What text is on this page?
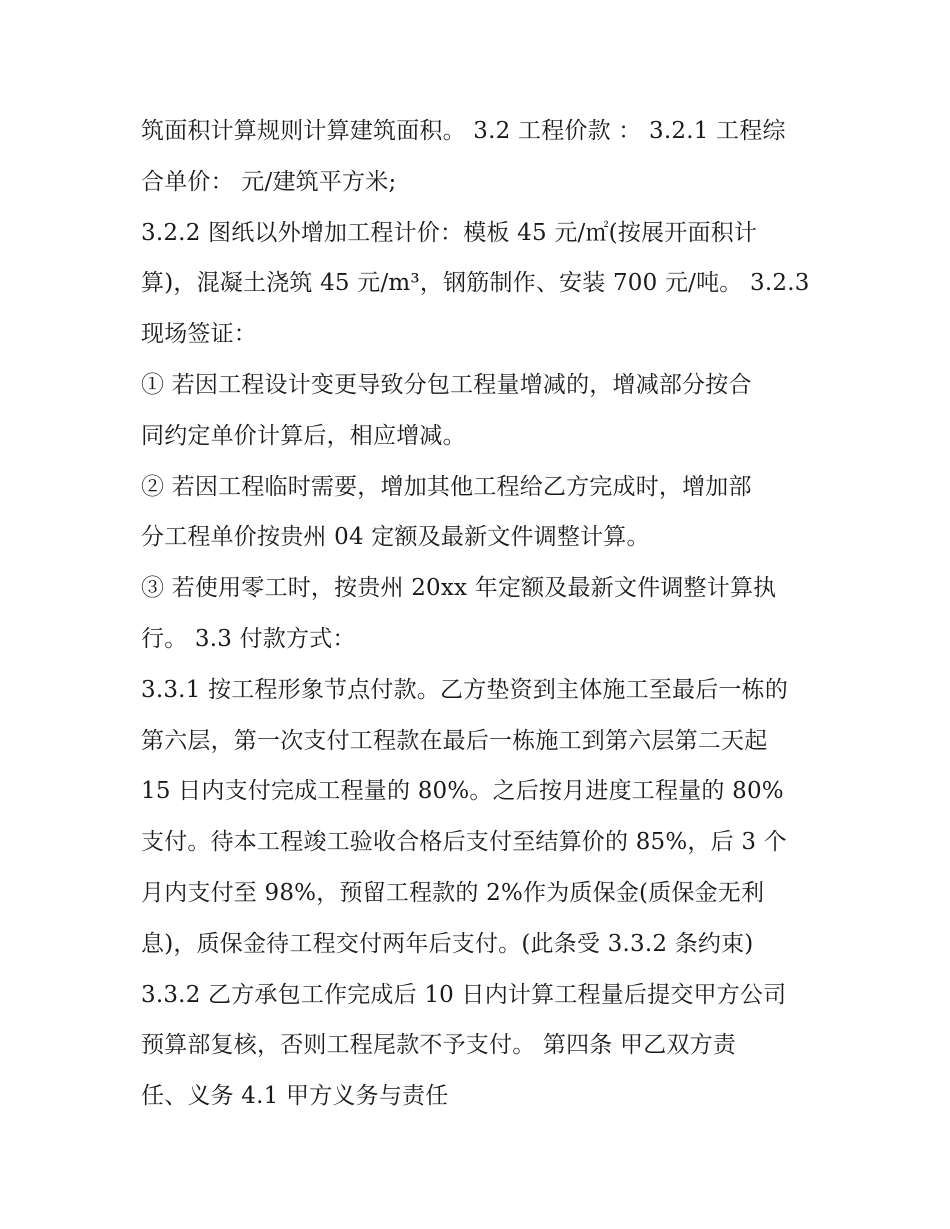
筑面积计算规则计算建筑面积。 3.2 工程价款 ： 3.2.1 工程综
合单价： 元/建筑平方米;
3.2.2 图纸以外增加工程计价：模板 45 元/㎡(按展开面积计
算)，混凝土浇筑 45 元/m³，钢筋制作、安装 700 元/吨。 3.2.3
现场签证：
① 若因工程设计变更导致分包工程量增减的，增减部分按合
同约定单价计算后，相应增减。
② 若因工程临时需要，增加其他工程给乙方完成时，增加部
分工程单价按贵州 04 定额及最新文件调整计算。
③ 若使用零工时，按贵州 20xx 年定额及最新文件调整计算执
行。 3.3 付款方式：
3.3.1 按工程形象节点付款。乙方垫资到主体施工至最后一栋的
第六层，第一次支付工程款在最后一栋施工到第六层第二天起
15 日内支付完成工程量的 80%。之后按月进度工程量的 80%
支付。待本工程竣工验收合格后支付至结算价的 85%，后 3 个
月内支付至 98%，预留工程款的 2%作为质保金(质保金无利
息)，质保金待工程交付两年后支付。(此条受 3.3.2 条约束)
3.3.2 乙方承包工作完成后 10 日内计算工程量后提交甲方公司
预算部复核，否则工程尾款不予支付。 第四条 甲乙双方责
任、义务 4.1 甲方义务与责任
